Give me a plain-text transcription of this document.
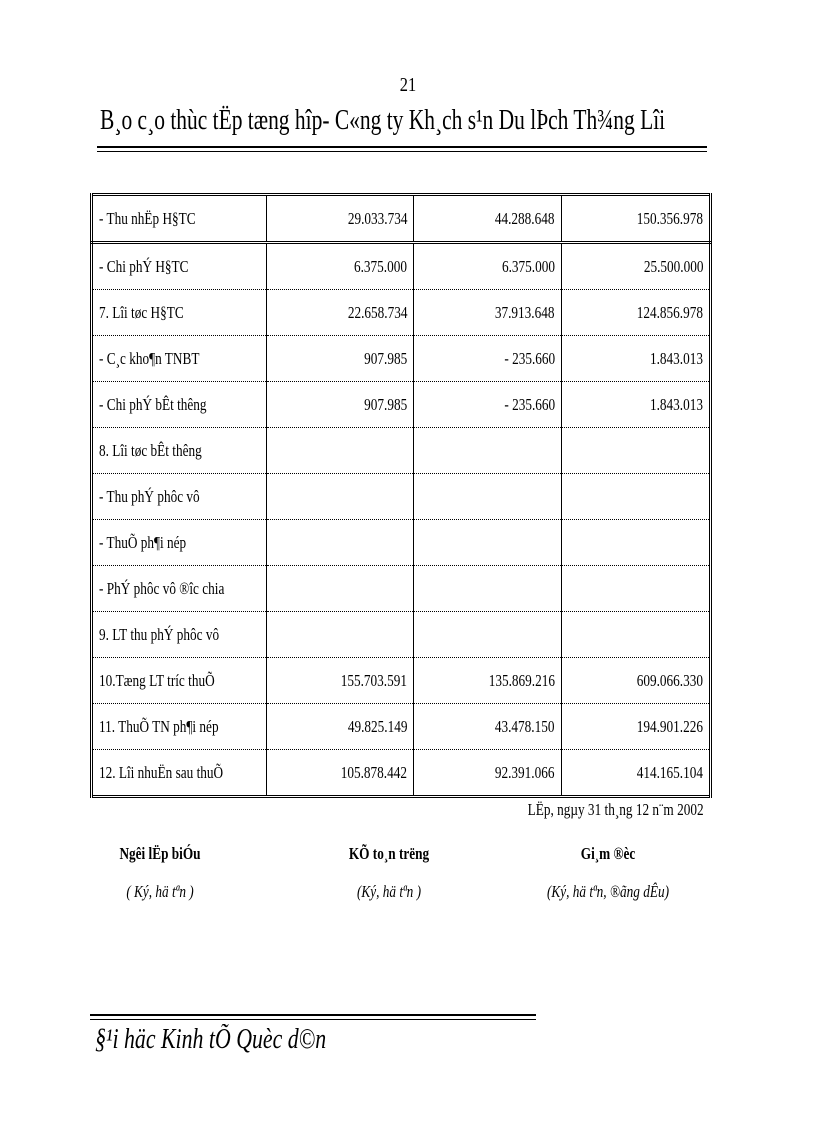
21
B¸o c¸o thùc tËp tæng hîp- C«ng ty Kh¸ch s¹n Du lÞch Th¾ng Lîi
- Thu nhËp H§TC	29.033.734	44.288.648	150.356.978
- Chi phÝ H§TC	6.375.000	6.375.000	25.500.000
7. Lîi tøc H§TC	22.658.734	37.913.648	124.856.978
- C¸c kho¶n TNBT	907.985	- 235.660	1.843.013
- Chi phÝ bÊt thêng	907.985	- 235.660	1.843.013
8. Lîi tøc bÊt thêng			
- Thu phÝ phôc vô			
- ThuÕ ph¶i nép			
- PhÝ phôc vô ®îc chia			
9. LT thu phÝ phôc vô			
10.Tæng LT tríc thuÕ	155.703.591	135.869.216	609.066.330
11. ThuÕ TN ph¶i nép	49.825.149	43.478.150	194.901.226
12. Lîi nhuËn sau thuÕ	105.878.442	92.391.066	414.165.104
LËp, ngµy 31 th¸ng 12 n¨m 2002
Ngêi lËp biÓu
( Ký, hä tªn )
KÕ to¸n trëng
(Ký, hä tªn )
Gi¸m ®èc
(Ký, hä tªn, ®ãng dÊu)
§¹i häc Kinh tÕ Quèc d©n
